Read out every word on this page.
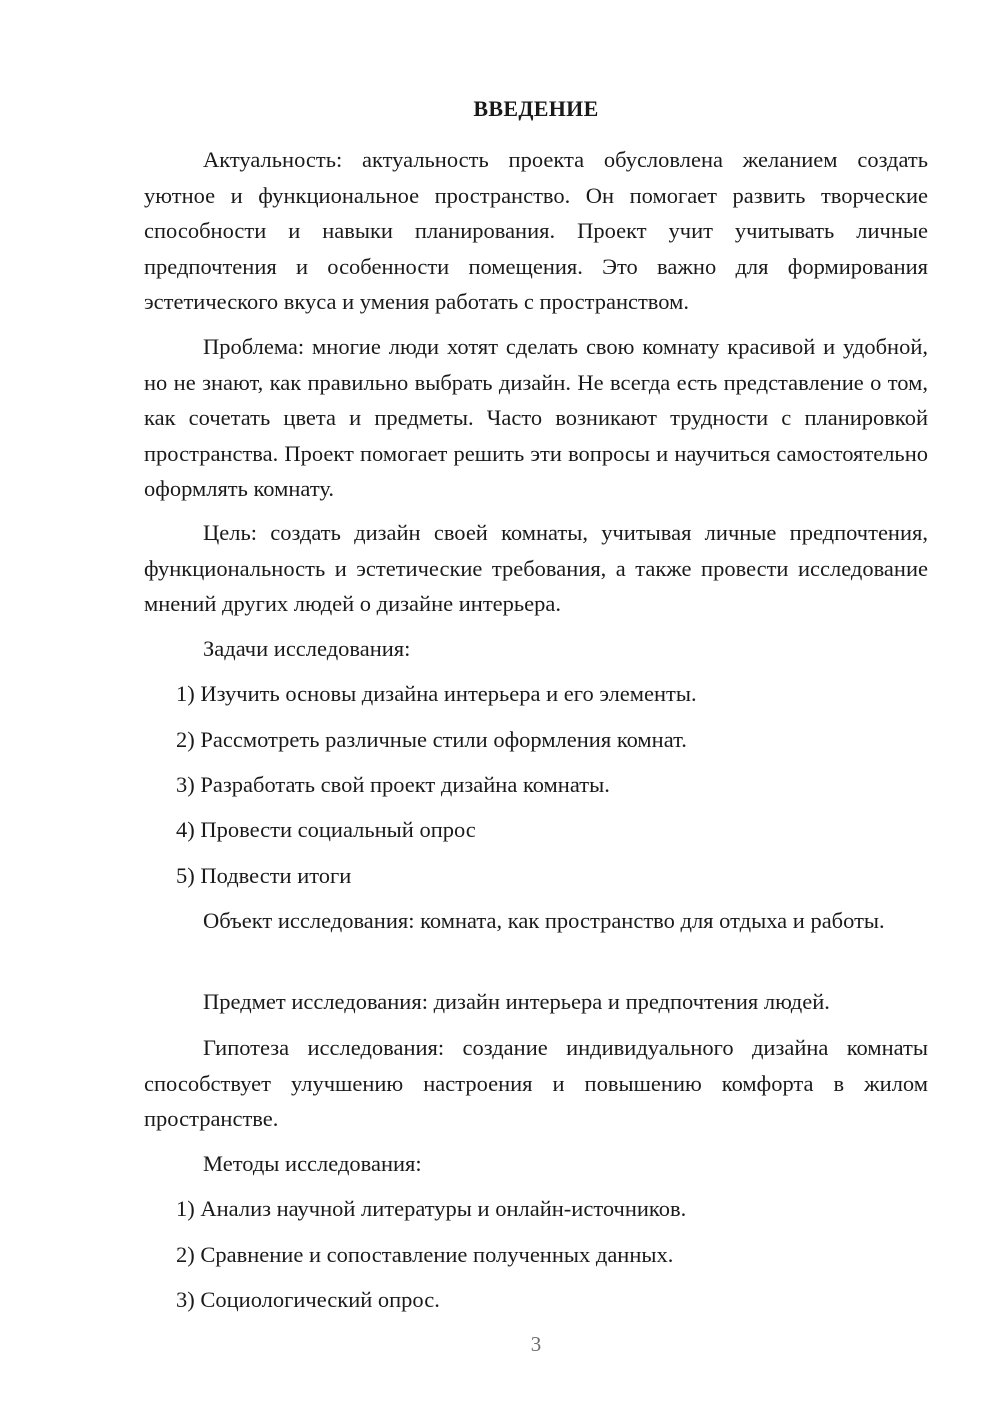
ВВЕДЕНИЕ
Актуальность: актуальность проекта обусловлена желанием создать уютное и функциональное пространство. Он помогает развить творческие способности и навыки планирования. Проект учит учитывать личные предпочтения и особенности помещения. Это важно для формирования эстетического вкуса и умения работать с пространством.
Проблема: многие люди хотят сделать свою комнату красивой и удобной, но не знают, как правильно выбрать дизайн. Не всегда есть представление о том, как сочетать цвета и предметы. Часто возникают трудности с планировкой пространства. Проект помогает решить эти вопросы и научиться самостоятельно оформлять комнату.
Цель: создать дизайн своей комнаты, учитывая личные предпочтения, функциональность и эстетические требования, а также провести исследование мнений других людей о дизайне интерьера.
Задачи исследования:
1) Изучить основы дизайна интерьера и его элементы.
2) Рассмотреть различные стили оформления комнат.
3) Разработать свой проект дизайна комнаты.
4) Провести социальный опрос
5) Подвести итоги
Объект исследования: комната, как пространство для отдыха и работы.
Предмет исследования: дизайн интерьера и предпочтения людей.
Гипотеза исследования: создание индивидуального дизайна комнаты способствует улучшению настроения и повышению комфорта в жилом пространстве.
Методы исследования:
1) Анализ научной литературы и онлайн-источников.
2) Сравнение и сопоставление полученных данных.
3) Социологический опрос.
3
